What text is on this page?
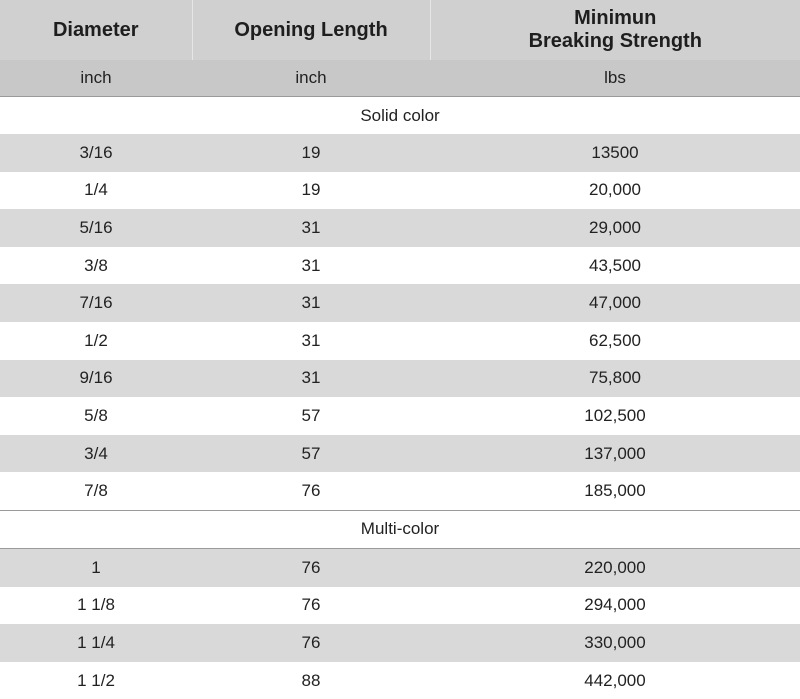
Diameter	Opening Length	Minimun
Breaking Strength

inch	inch	lbs
Solid color		
3/16	19	13500
1/4	19	20,000
5/16	31	29,000
3/8	31	43,500
7/16	31	47,000
1/2	31	62,500
9/16	31	75,800
5/8	57	102,500
3/4	57	137,000
7/8	76	185,000
Multi-color		
1	76	220,000
1 1/8	76	294,000
1 1/4	76	330,000
1 1/2	88	442,000
